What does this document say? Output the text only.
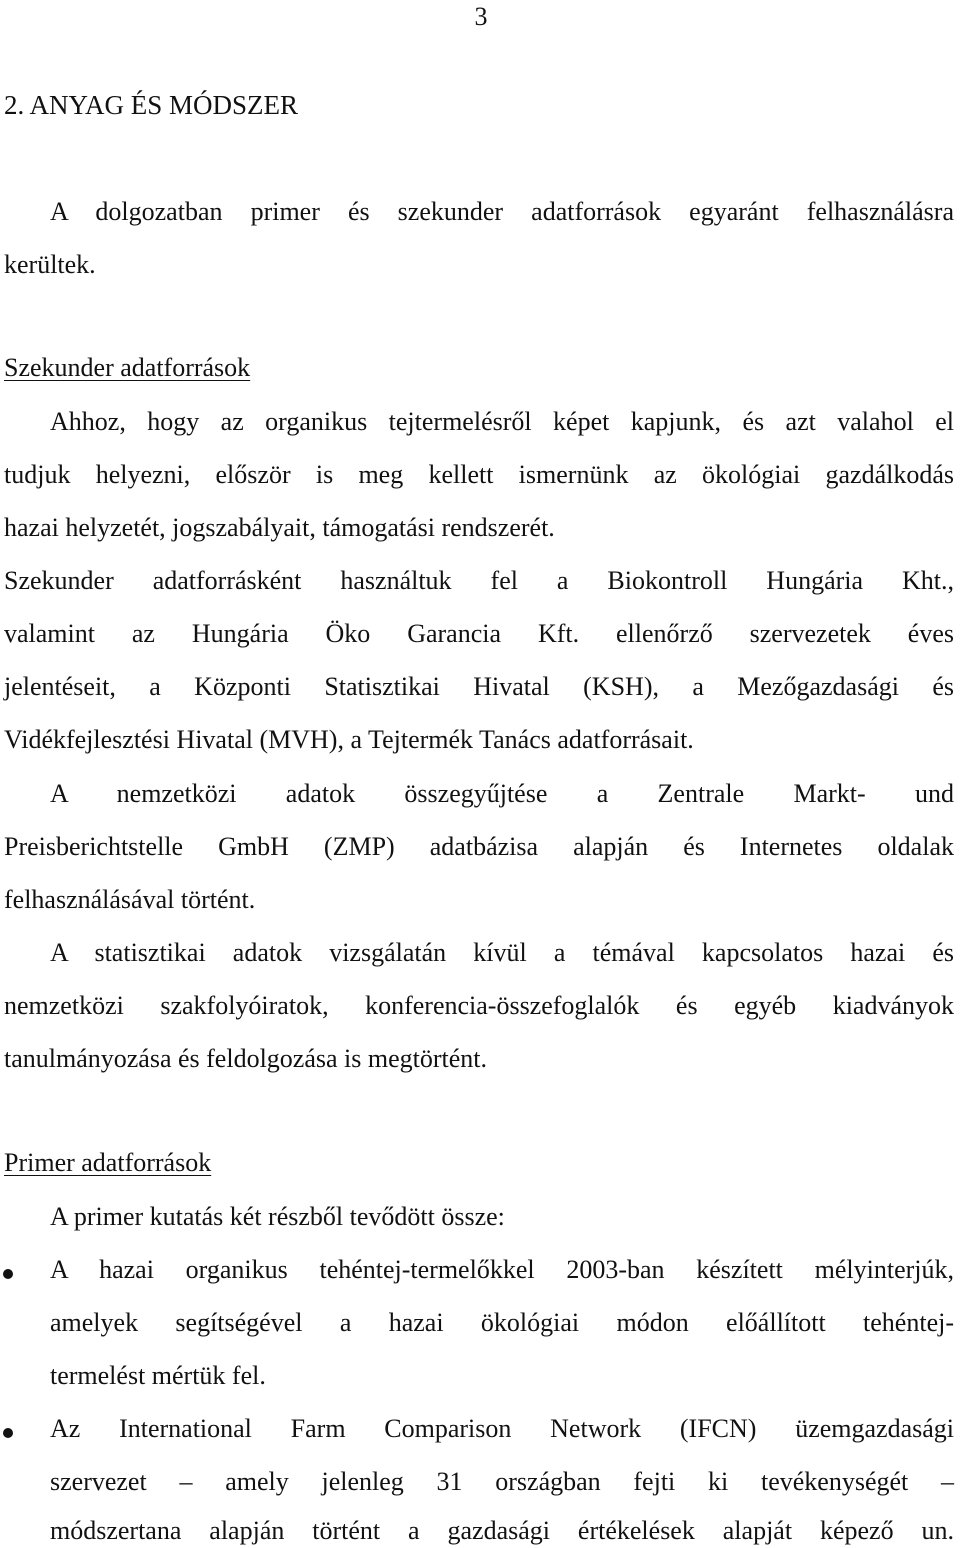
3
2. ANYAG ÉS MÓDSZER
A dolgozatban primer és szekunder adatforrások egyaránt felhasználásra
kerültek.
Szekunder adatforrások
Ahhoz, hogy az organikus tejtermelésről képet kapjunk, és azt valahol el
tudjuk helyezni, először is meg kellett ismernünk az ökológiai gazdálkodás
hazai helyzetét, jogszabályait, támogatási rendszerét.
Szekunder adatforrásként használtuk fel a Biokontroll Hungária Kht.,
valamint az Hungária Öko Garancia Kft. ellenőrző szervezetek éves
jelentéseit, a Központi Statisztikai Hivatal (KSH), a Mezőgazdasági és
Vidékfejlesztési Hivatal (MVH), a Tejtermék Tanács adatforrásait.
A nemzetközi adatok összegyűjtése a Zentrale Markt- und
Preisberichtstelle GmbH (ZMP) adatbázisa alapján és Internetes oldalak
felhasználásával történt.
A statisztikai adatok vizsgálatán kívül a témával kapcsolatos hazai és
nemzetközi szakfolyóiratok, konferencia-összefoglalók és egyéb kiadványok
tanulmányozása és feldolgozása is megtörtént.
Primer adatforrások
A primer kutatás két részből tevődött össze:
A hazai organikus tehéntej-termelőkkel 2003-ban készített mélyinterjúk,
amelyek segítségével a hazai ökológiai módon előállított tehéntej-
termelést mértük fel.
Az International Farm Comparison Network (IFCN) üzemgazdasági
szervezet – amely jelenleg 31 országban fejti ki tevékenységét –
módszertana alapján történt a gazdasági értékelések alapját képező un.
